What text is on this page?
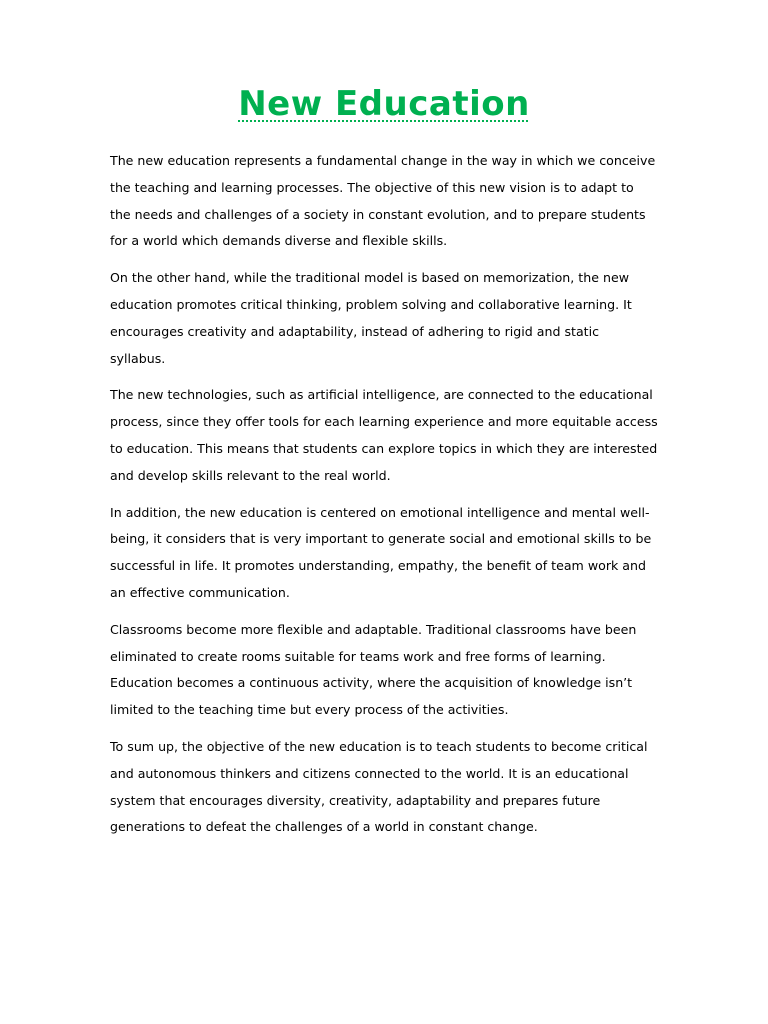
New Education

The new education represents a fundamental change in the way in which we conceive the teaching and learning processes. The objective of this new vision is to adapt to the needs and challenges of a society in constant evolution, and to prepare students for a world which demands diverse and flexible skills.

On the other hand, while the traditional model is based on memorization, the new education promotes critical thinking, problem solving and collaborative learning. It encourages creativity and adaptability, instead of adhering to rigid and static syllabus.

The new technologies, such as artificial intelligence, are connected to the educational process, since they offer tools for each learning experience and more equitable access to education. This means that students can explore topics in which they are interested and develop skills relevant to the real world.

In addition, the new education is centered on emotional intelligence and mental well-being, it considers that is very important to generate social and emotional skills to be successful in life. It promotes understanding, empathy, the benefit of team work and an effective communication.

Classrooms become more flexible and adaptable. Traditional classrooms have been eliminated to create rooms suitable for teams work and free forms of learning. Education becomes a continuous activity, where the acquisition of knowledge isn’t limited to the teaching time but every process of the activities.

To sum up, the objective of the new education is to teach students to become critical and autonomous thinkers and citizens connected to the world. It is an educational system that encourages diversity, creativity, adaptability and prepares future generations to defeat the challenges of a world in constant change.
